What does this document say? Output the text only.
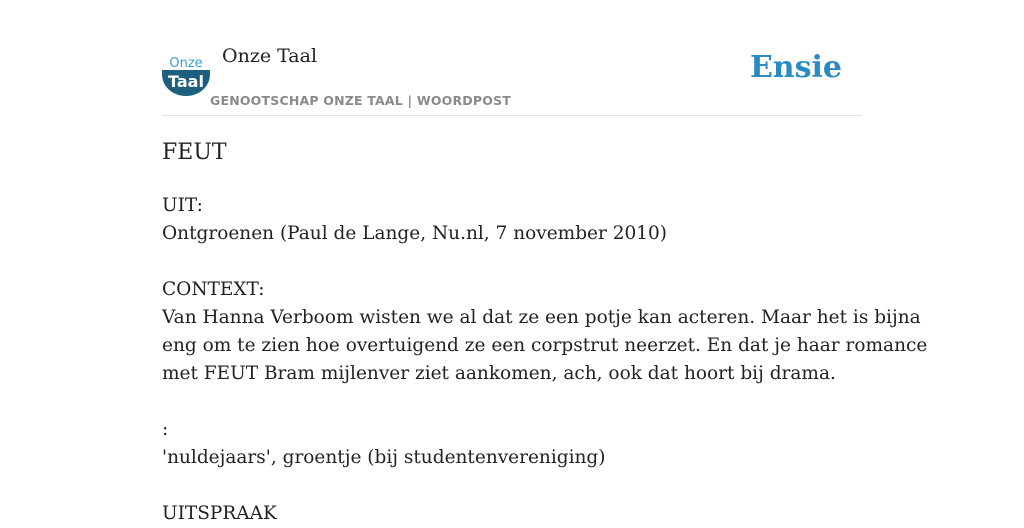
Onze
Taal
Onze Taal
GENOOTSCHAP ONZE TAAL | WOORDPOST
Ensie
FEUT
UIT:
Ontgroenen (Paul de Lange, Nu.nl, 7 november 2010)
CONTEXT:
Van Hanna Verboom wisten we al dat ze een potje kan acteren. Maar het is bijna
eng om te zien hoe overtuigend ze een corpstrut neerzet. En dat je haar romance
met FEUT Bram mijlenver ziet aankomen, ach, ook dat hoort bij drama.
:
'nuldejaars', groentje (bij studentenvereniging)
UITSPRAAK
